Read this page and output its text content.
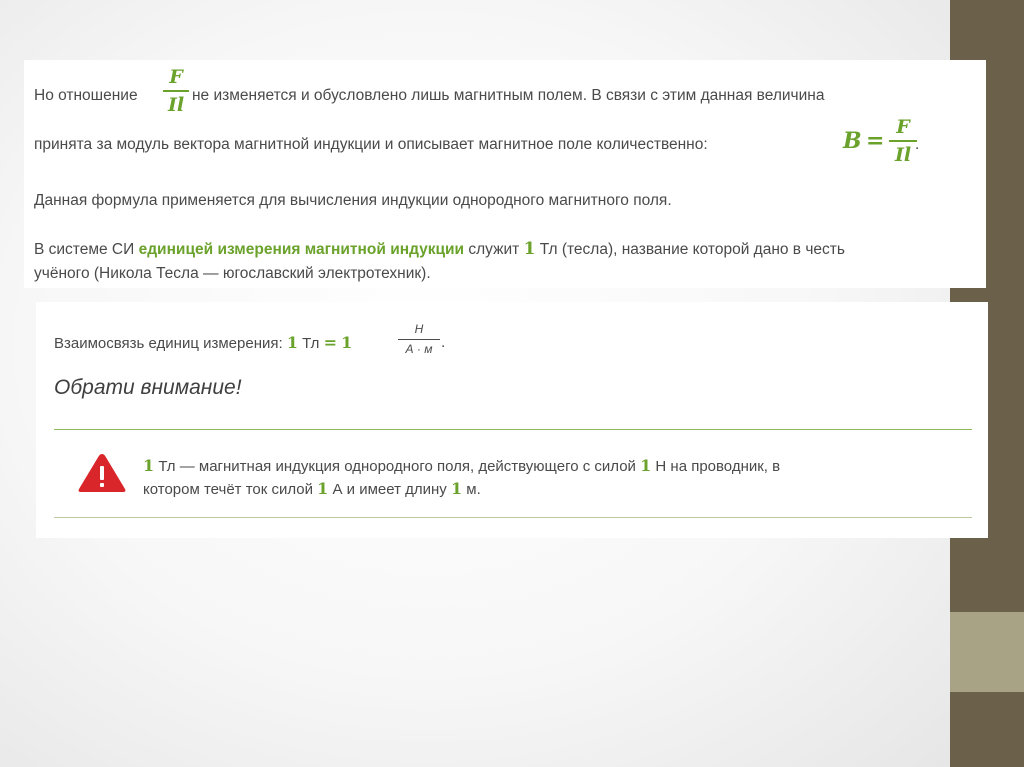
Но отношение
F
Il не изменяется и обусловлено лишь магнитным полем. В связи с этим данная величина
принята за модуль вектора магнитной индукции и описывает магнитное поле количественно:	B =
F
Il .
Данная формула применяется для вычисления индукции однородного магнитного поля.
В системе СИ единицей измерения магнитной индукции служит 1 Тл (тесла), название которой дано в честь
учёного (Никола Тесла — югославский электротехник).
Взаимосвязь единиц измерения: 1 Тл = 1
Н
А · м .
Обрати внимание!
1 Тл — магнитная индукция однородного поля, действующего с силой 1 Н на проводник, в
котором течёт ток силой 1 А и имеет длину 1 м.
